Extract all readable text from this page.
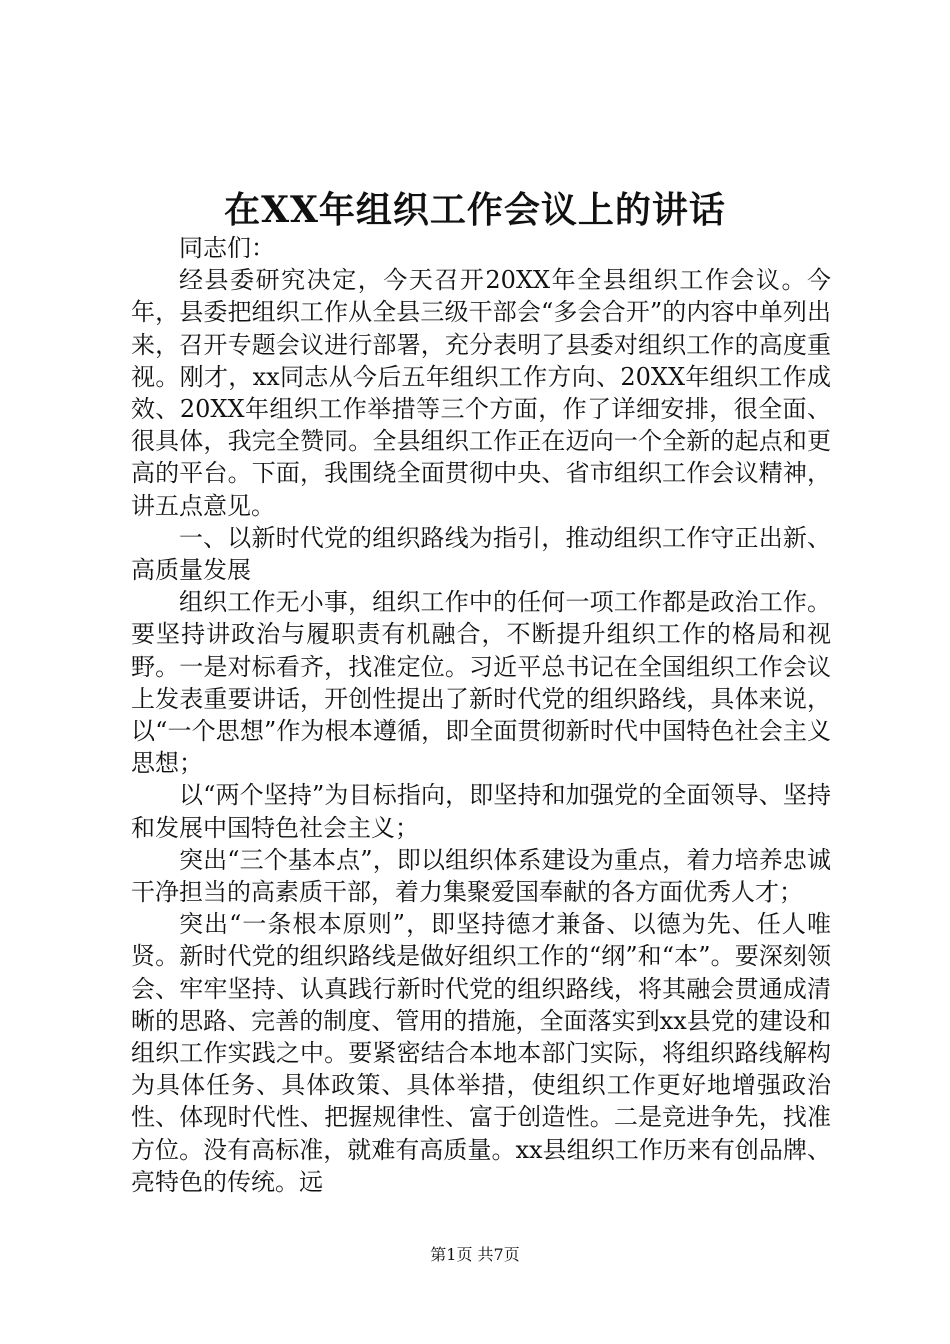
在XX年组织工作会议上的讲话

同志们：

经县委研究决定，今天召开20XX年全县组织工作会议。今年，县委把组织工作从全县三级干部会“多会合开”的内容中单列出来，召开专题会议进行部署，充分表明了县委对组织工作的高度重视。刚才，xx同志从今后五年组织工作方向、20XX年组织工作成效、20XX年组织工作举措等三个方面，作了详细安排，很全面、很具体，我完全赞同。全县组织工作正在迈向一个全新的起点和更高的平台。下面，我围绕全面贯彻中央、省市组织工作会议精神，讲五点意见。

一、以新时代党的组织路线为指引，推动组织工作守正出新、高质量发展

组织工作无小事，组织工作中的任何一项工作都是政治工作。要坚持讲政治与履职责有机融合，不断提升组织工作的格局和视野。一是对标看齐，找准定位。习近平总书记在全国组织工作会议上发表重要讲话，开创性提出了新时代党的组织路线，具体来说，以“一个思想”作为根本遵循，即全面贯彻新时代中国特色社会主义思想；

以“两个坚持”为目标指向，即坚持和加强党的全面领导、坚持和发展中国特色社会主义；

突出“三个基本点”，即以组织体系建设为重点，着力培养忠诚干净担当的高素质干部，着力集聚爱国奉献的各方面优秀人才；

突出“一条根本原则”，即坚持德才兼备、以德为先、任人唯贤。新时代党的组织路线是做好组织工作的“纲”和“本”。要深刻领会、牢牢坚持、认真践行新时代党的组织路线，将其融会贯通成清晰的思路、完善的制度、管用的措施，全面落实到xx县党的建设和组织工作实践之中。要紧密结合本地本部门实际，将组织路线解构为具体任务、具体政策、具体举措，使组织工作更好地增强政治性、体现时代性、把握规律性、富于创造性。二是竞进争先，找准方位。没有高标准，就难有高质量。xx县组织工作历来有创品牌、亮特色的传统。远

第1页 共7页
